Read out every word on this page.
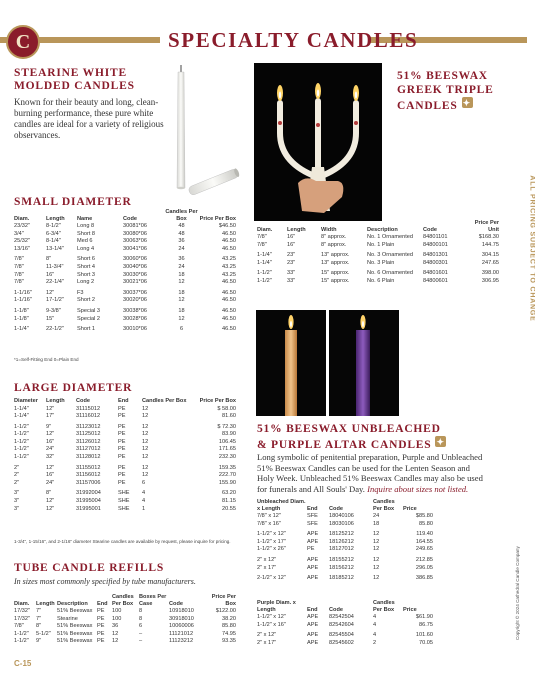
C	SPECIALTY CANDLES
STEARINE WHITE
MOLDED CANDLES
Known for their beauty and long, clean-burning performance, these pure white candles are ideal for a variety of religious observances.
SMALL DIAMETER
Diam.	Length	Name	Code	Candles Per Box	Price Per Box
23/32"	8-1/2"	Long 8	30081*06	48	$46.50
3/4"	6-3/4"	Short 8	30080*06	48	46.50
25/32"	8-1/4"	Med 6	30063*06	36	46.50
13/16"	13-1/4"	Long 4	30041*06	24	46.50

7/8"	8"	Short 6	30060*06	36	43.25
7/8"	11-3/4"	Short 4	30040*06	24	43.25
7/8"	16"	Short 3	30030*06	18	43.25
7/8"	22-1/4"	Long 2	30021*06	12	46.50

1-1/16"	12"	F3	30037*06	18	46.50
1-1/16"	17-1/2"	Short 2	30020*06	12	46.50

1-1/8"	9-3/8"	Special 3	30038*06	18	46.50
1-1/8"	15"	Special 2	30028*06	12	46.50

1-1/4"	22-1/2"	Short 1	30010*06	6	46.50
*1=Self-Fitting End 0=Plain End
LARGE DIAMETER
Diameter	Length	Code	End	Candles Per Box	Price Per Box
1-1/4"	12"	31115012	PE	12	$ 58.00
1-1/4"	17"	31116012	PE	12	81.60

1-1/2"	9"	31123012	PE	12	$ 72.30
1-1/2"	12"	31125012	PE	12	83.90
1-1/2"	16"	31126012	PE	12	106.45
1-1/2"	24"	31127012	PE	12	171.65
1-1/2"	32"	31128012	PE	12	232.30

2"	12"	31155012	PE	12	159.35
2"	16"	31156012	PE	12	222.70
2"	24"	31157006	PE	6	155.90

3"	8"	31992004	SHE	4	63.20
3"	12"	31995004	SHE	4	81.15
3"	12"	31995001	SHE	1	20.55
1-3/4", 1-15/16", and 2-1/16" diameter Stearine candles are available by request, please inquire for pricing.
TUBE CANDLE REFILLS
In sizes most commonly specified by tube manufacturers.
Diam.	Length	Description	End	Candles Per Box	Boxes Per Case	Code	Price Per Box
17/32"	7"	51% Beeswax	PE	100	8	10918010	$122.00
17/32"	7"	Stearine	PE	100	8	30918010	38.20
7/8"	8"	51% Beeswax	PE	36	6	10060006	85.80
1-1/2"	5-1/2"	51% Beeswax	PE	12	–	11121012	74.95
1-1/2"	9"	51% Beeswax	PE	12	–	11123212	93.35
51% BEESWAX
GREEK TRIPLE
CANDLES✦
Diam.	Length	Width	Description	Code	Price Per Unit
7/8"	16"	8" approx.	No. 1 Ornamented	84801101	$168.30
7/8"	16"	8" approx.	No. 1 Plain	84800101	144.75

1-1/4"	23"	13" approx.	No. 3 Ornamented	84801301	304.15
1-1/4"	23"	13" approx.	No. 3 Plain	84800301	247.65

1-1/2"	33"	15" approx.	No. 6 Ornamented	84801601	398.00
1-1/2"	33"	15" approx.	No. 6 Plain	84800601	306.95
51% BEESWAX UNBLEACHED
& PURPLE ALTAR CANDLES✦
Long symbolic of penitential preparation, Purple and Unbleached 51% Beeswax Candles can be used for the Lenten Season and Holy Week. Unbleached 51% Beeswax Candles may also be used for funerals and All Souls' Day. Inquire about sizes not listed.
Unbleached Diam. x Length	End	Code	Candles Per Box	Price
7/8" x 12"	SFE	18040106	24	$85.80
7/8" x 16"	SFE	18030106	18	85.80

1-1/2" x 12"	APE	18125212	12	119.40
1-1/2" x 17"	APE	18126212	12	164.55
1-1/2" x 26"	PE	18127012	12	249.65

2" x 12"	APE	18155212	12	212.85
2" x 17"	APE	18156212	12	296.05

2-1/2" x 12"	APE	18185212	12	386.85
Purple Diam. x Length	End	Code	Candles Per Box	Price
1-1/2" x 12"	APE	82542504	4	$61.90
1-1/2" x 16"	APE	82542604	4	86.75

2" x 12"	APE	82545504	4	101.60
2" x 17"	APE	82545602	2	70.05
ALL PRICING SUBJECT TO CHANGE
Copyright © 2024 Cathedral Candle Company
C-15
